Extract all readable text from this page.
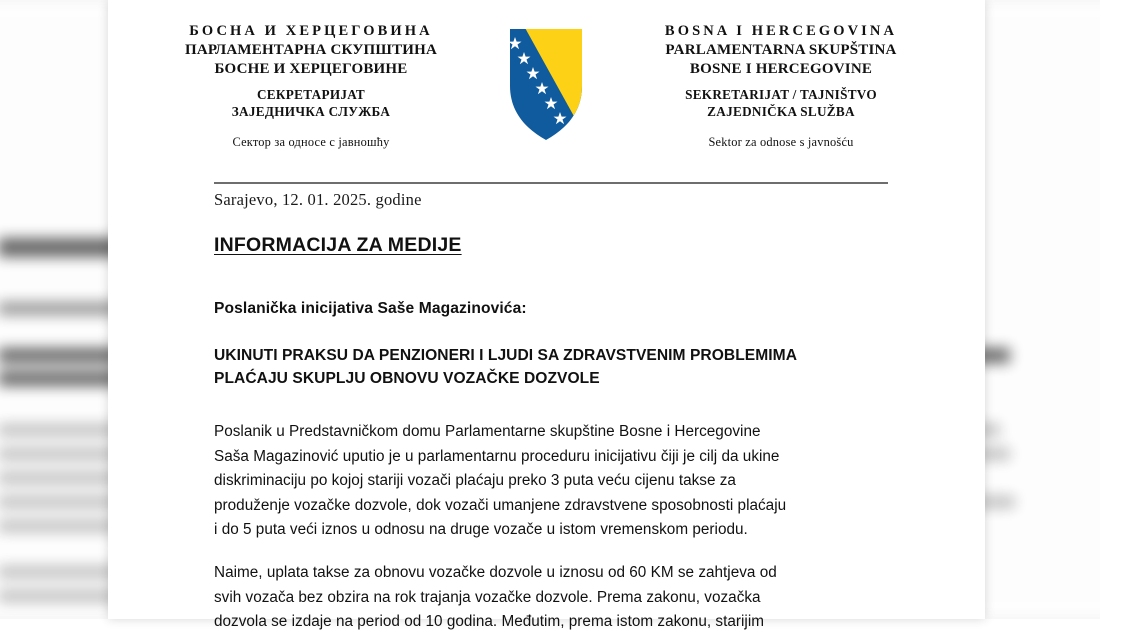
БОСНА И ХЕРЦЕГОВИНА
ПАРЛАМЕНТАРНА СКУПШТИНА
БОСНЕ И ХЕРЦЕГОВИНЕ
СЕКРЕТАРИЈАТ
ЗАЈЕДНИЧКА СЛУЖБА
Сектор за односе с јавношћу
BOSNA I HERCEGOVINA
PARLAMENTARNA SKUPŠTINA
BOSNE I HERCEGOVINE
SEKRETARIJAT / TAJNIŠTVO
ZAJEDNIČKA SLUŽBA
Sektor za odnose s javnošću
Sarajevo, 12. 01. 2025. godine
INFORMACIJA ZA MEDIJE
Poslanička inicijativa Saše Magazinovića:
UKINUTI PRAKSU DA PENZIONERI I LJUDI SA ZDRAVSTVENIM PROBLEMIMA
PLAĆAJU SKUPLJU OBNOVU VOZAČKE DOZVOLE
Poslanik u Predstavničkom domu Parlamentarne skupštine Bosne i Hercegovine
Saša Magazinović uputio je u parlamentarnu proceduru inicijativu čiji je cilj da ukine
diskriminaciju po kojoj stariji vozači plaćaju preko 3 puta veću cijenu takse za
produženje vozačke dozvole, dok vozači umanjene zdravstvene sposobnosti plaćaju
i do 5 puta veći iznos u odnosu na druge vozače u istom vremenskom periodu.
Naime, uplata takse za obnovu vozačke dozvole u iznosu od 60 KM se zahtjeva od
svih vozača bez obzira na rok trajanja vozačke dozvole. Prema zakonu, vozačka
dozvola se izdaje na period od 10 godina. Međutim, prema istom zakonu, starijim
